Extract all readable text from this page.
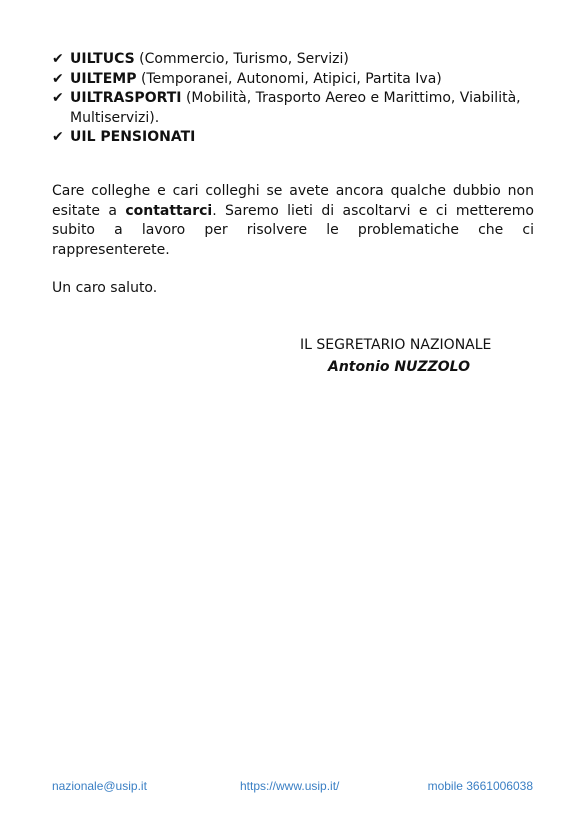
✔ UILTUCS (Commercio, Turismo, Servizi)
✔ UILTEMP (Temporanei, Autonomi, Atipici, Partita Iva)
✔ UILTRASPORTI (Mobilità, Trasporto Aereo e Marittimo, Viabilità, Multiservizi).
✔ UIL PENSIONATI
Care colleghe e cari colleghi se avete ancora qualche dubbio non esitate a contattarci. Saremo lieti di ascoltarvi e ci metteremo subito a lavoro per risolvere le problematiche che ci rappresenterete.
Un caro saluto.
IL SEGRETARIO NAZIONALE
Antonio NUZZOLO
nazionale@usip.it	https://www.usip.it/	mobile 3661006038
